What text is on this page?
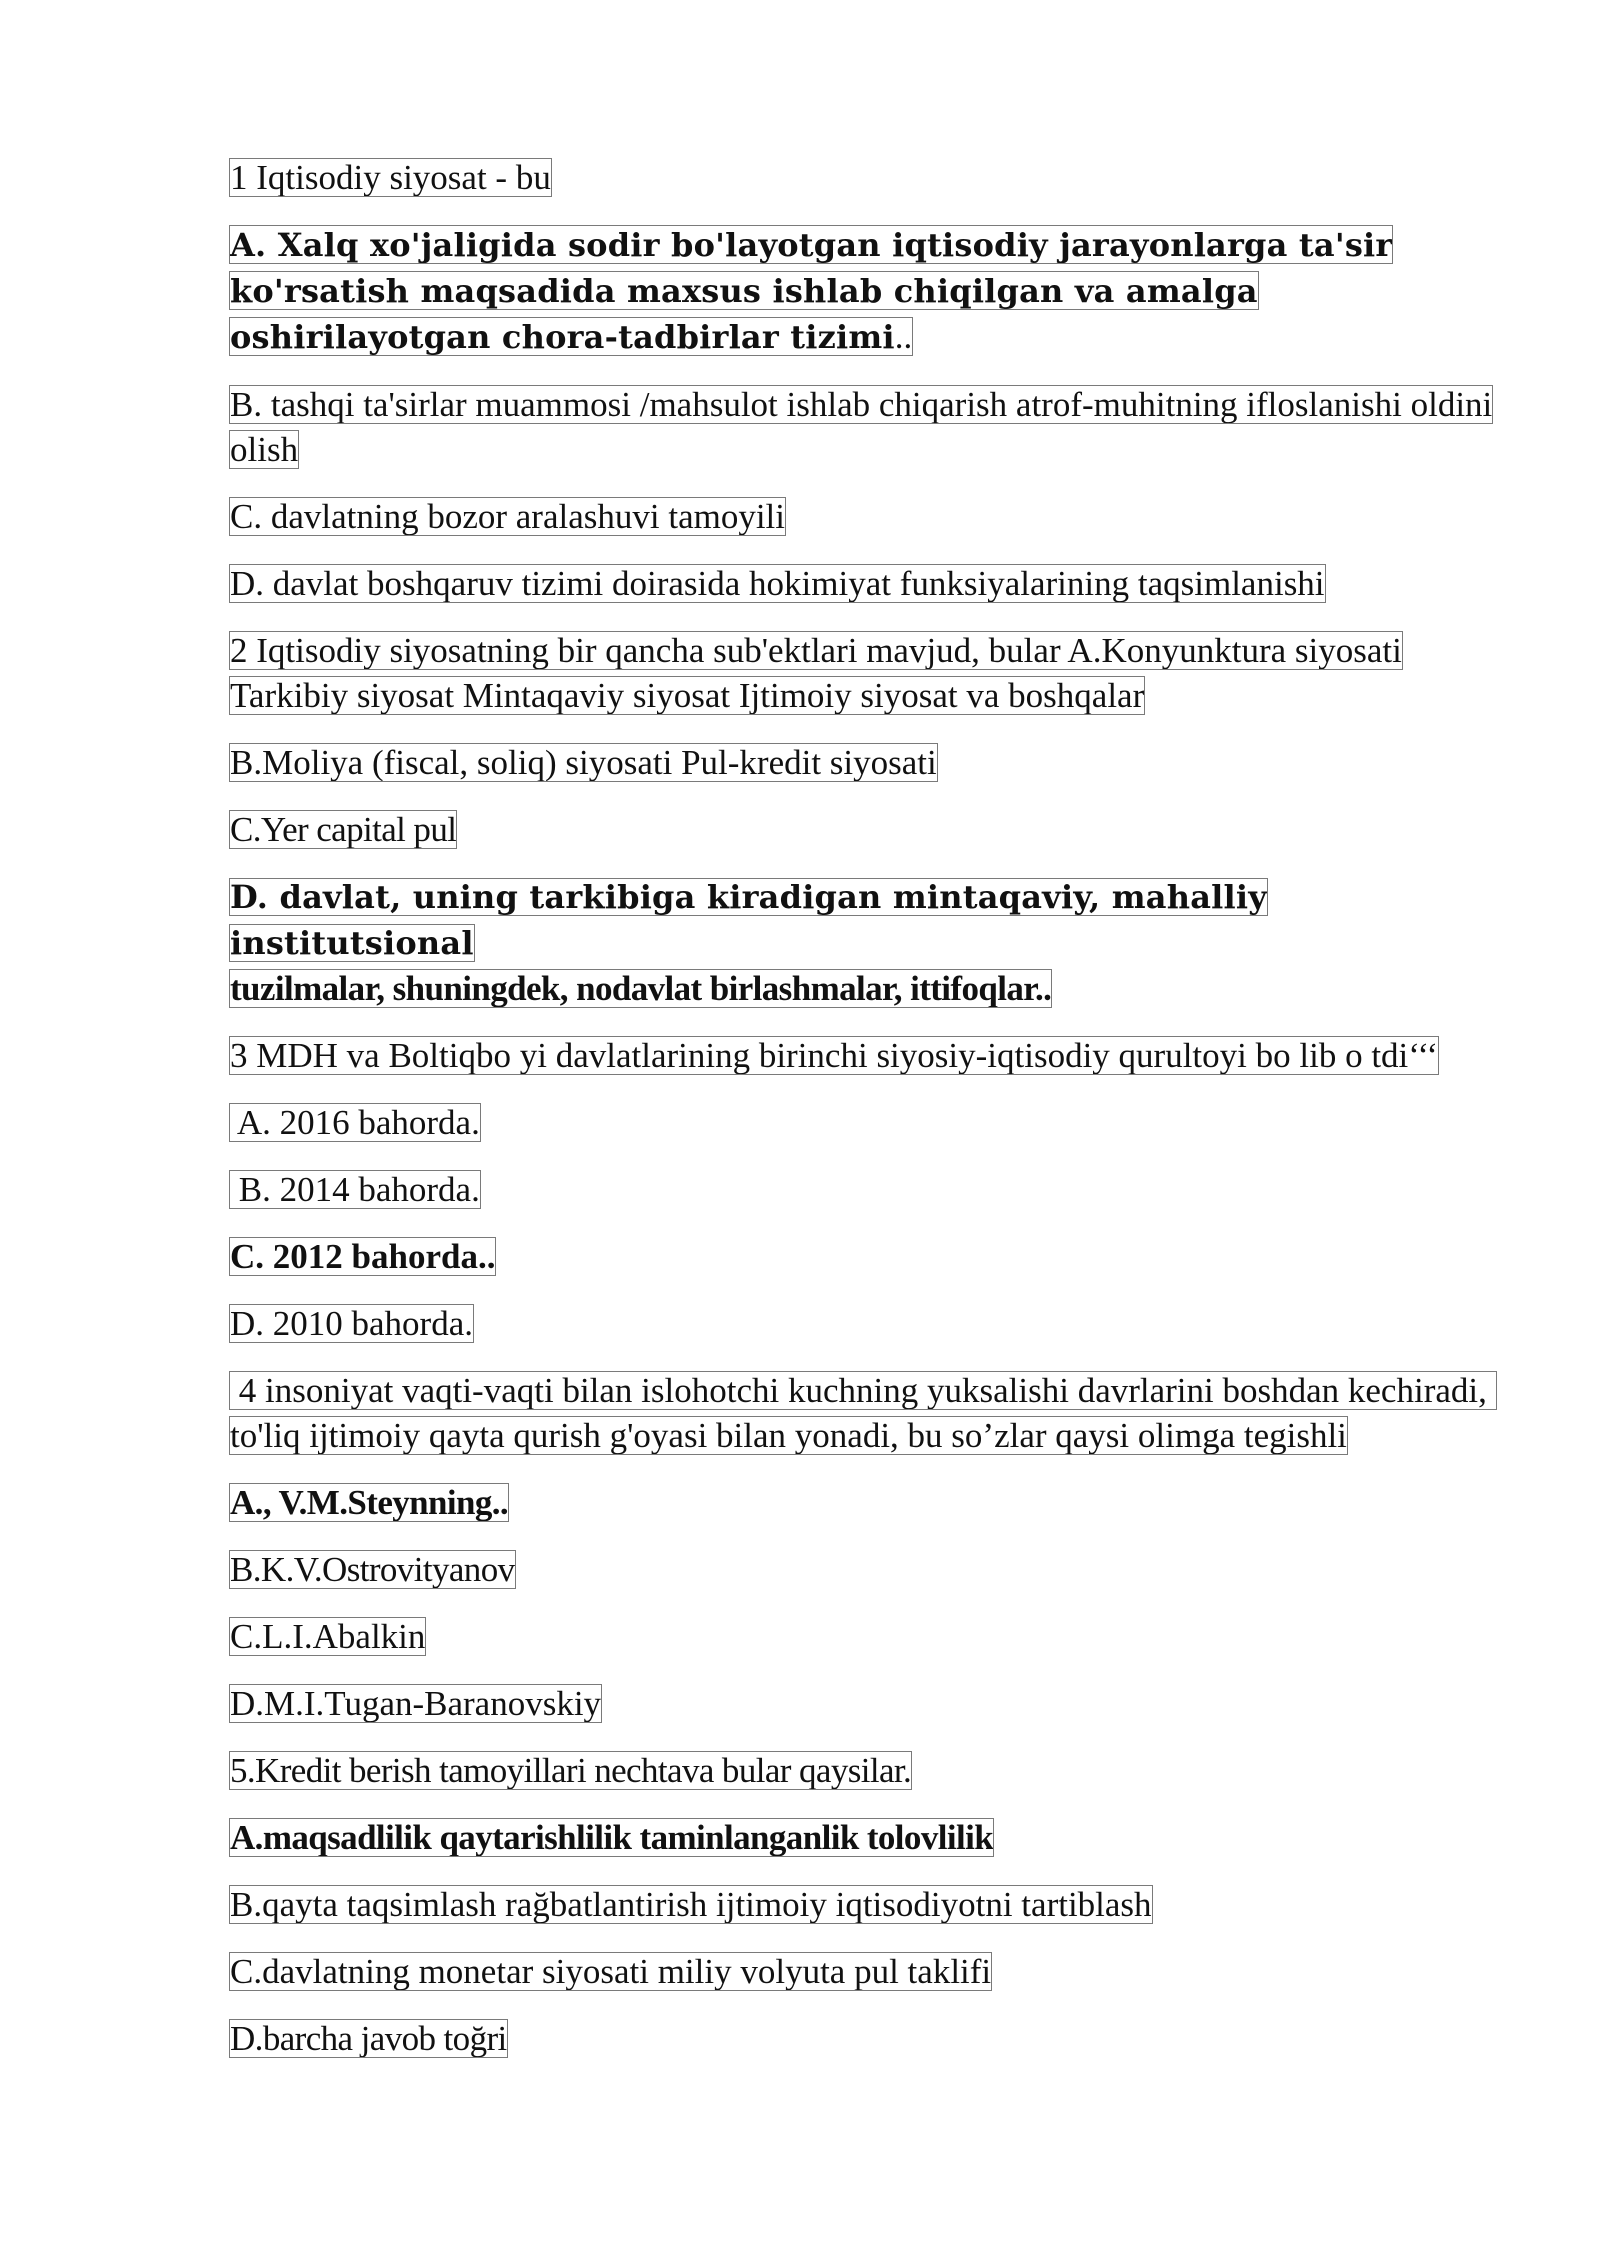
1 Iqtisodiy siyosat - bu
A. Xalq xo'jaligida sodir bo'layotgan iqtisodiy jarayonlarga ta'sir ko'rsatish maqsadida maxsus ishlab chiqilgan va amalga oshirilayotgan chora-tadbirlar tizimi..
B. tashqi ta'sirlar muammosi /mahsulot ishlab chiqarish atrof-muhitning ifloslanishi oldini olish
C. davlatning bozor aralashuvi tamoyili
D. davlat boshqaruv tizimi doirasida hokimiyat funksiyalarining taqsimlanishi
2 Iqtisodiy siyosatning bir qancha sub'ektlari mavjud, bular A.Konyunktura siyosati Tarkibiy siyosat Mintaqaviy siyosat Ijtimoiy siyosat va boshqalar
B.Moliya (fiscal, soliq) siyosati Pul-kredit siyosati
C.Yer capital pul
D. davlat, uning tarkibiga kiradigan mintaqaviy, mahalliy institutsional
tuzilmalar, shuningdek, nodavlat birlashmalar, ittifoqlar..
3 MDH va Boltiqbo yi davlatlarining birinchi siyosiy-iqtisodiy qurultoyi bo lib o tdi‘‘‘
A. 2016 bahorda.
B. 2014 bahorda.
C. 2012 bahorda..
D. 2010 bahorda.
4 insoniyat vaqti-vaqti bilan islohotchi kuchning yuksalishi davrlarini boshdan kechiradi, to'liq ijtimoiy qayta qurish g'oyasi bilan yonadi, bu so’zlar qaysi olimga tegishli
A., V.M.Steynning..
B.K.V.Ostrovityanov
C.L.I.Abalkin
D.M.I.Tugan-Baranovskiy
5.Kredit berish tamoyillari nechtava bular qaysilar.
A.maqsadlilik qaytarishlilik taminlanganlik tolovlilik
B.qayta taqsimlash rağbatlantirish ijtimoiy iqtisodiyotni tartiblash
C.davlatning monetar siyosati miliy volyuta pul taklifi
D.barcha javob toğri
